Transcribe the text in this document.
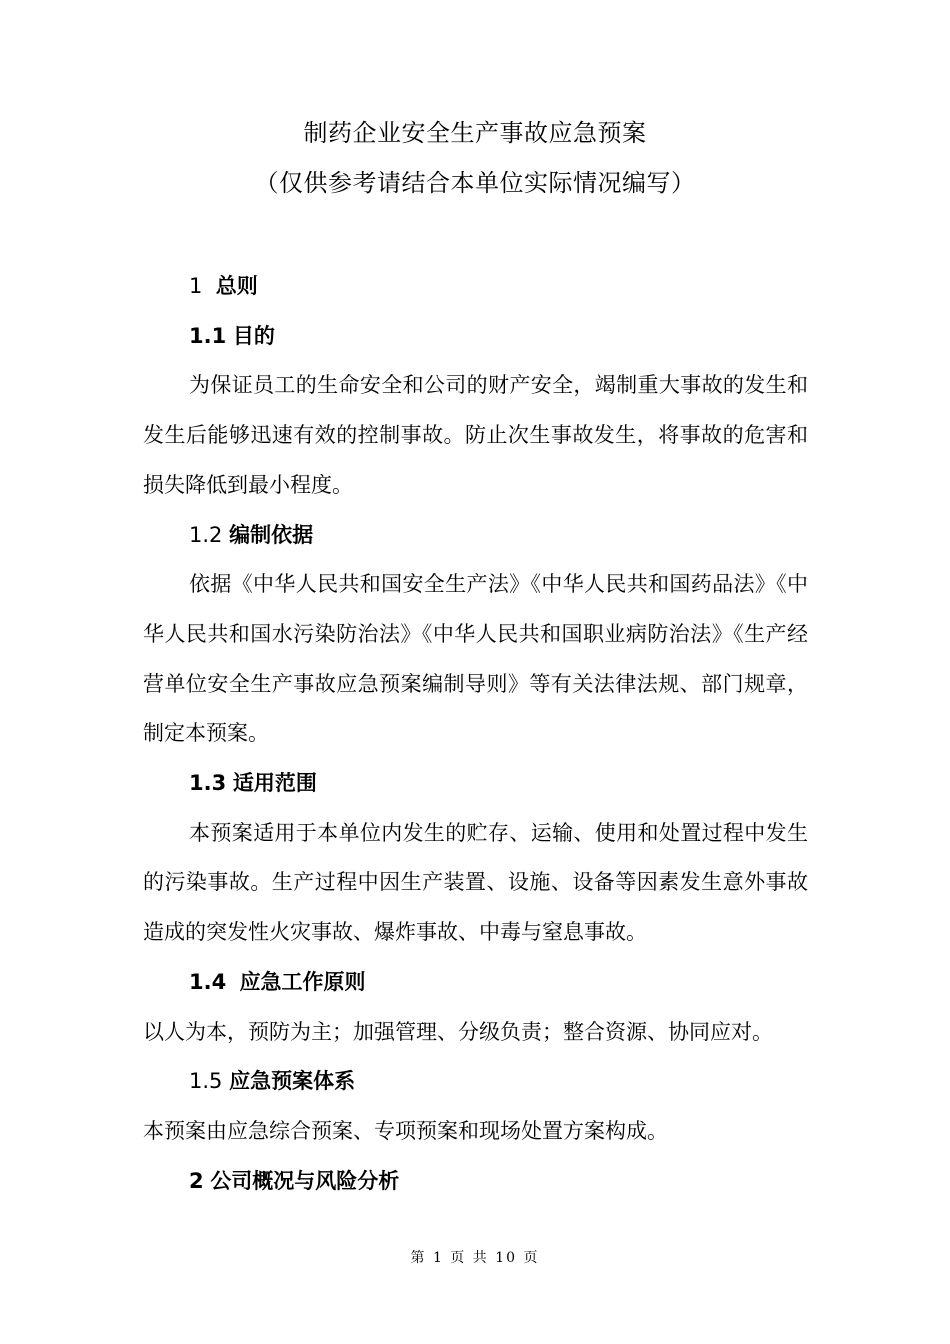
制药企业安全生产事故应急预案
（仅供参考请结合本单位实际情况编写）

1 总则

1.1 目的

为保证员工的生命安全和公司的财产安全，竭制重大事故的发生和发生后能够迅速有效的控制事故。防止次生事故发生，将事故的危害和损失降低到最小程度。

1.2 编制依据

依据《中华人民共和国安全生产法》《中华人民共和国药品法》《中华人民共和国水污染防治法》《中华人民共和国职业病防治法》《生产经营单位安全生产事故应急预案编制导则》等有关法律法规、部门规章，制定本预案。

1.3 适用范围

本预案适用于本单位内发生的贮存、运输、使用和处置过程中发生的污染事故。生产过程中因生产装置、设施、设备等因素发生意外事故造成的突发性火灾事故、爆炸事故、中毒与窒息事故。

1.4 应急工作原则

以人为本，预防为主；加强管理、分级负责；整合资源、协同应对。

1.5 应急预案体系

本预案由应急综合预案、专项预案和现场处置方案构成。

2 公司概况与风险分析

第 1 页 共 10 页
